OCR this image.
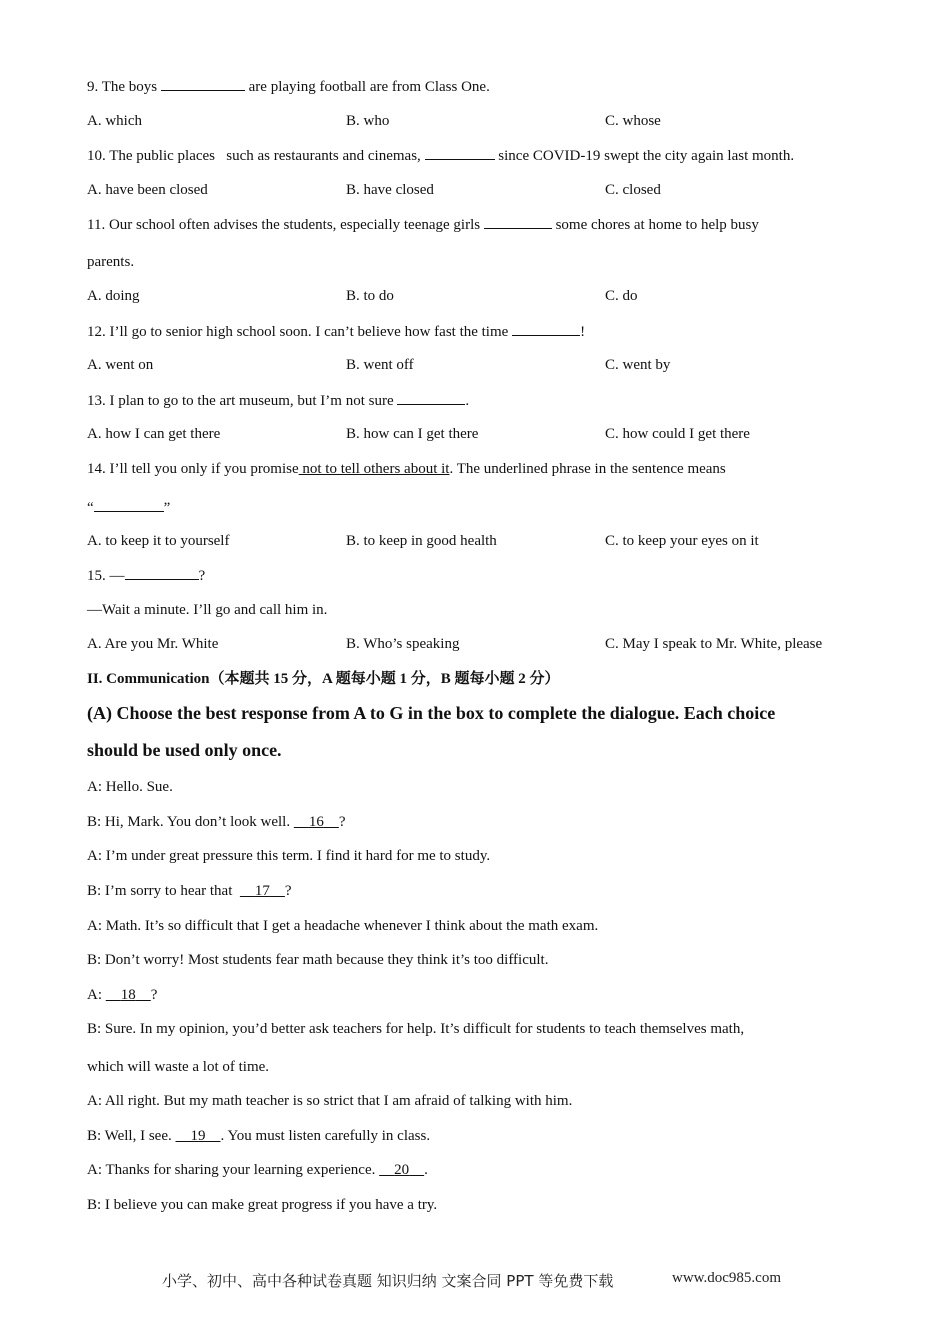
9. The boys	are playing football are from Class One.
A. which	B. who	C. whose
10. The public places   such as restaurants and cinemas,	since COVID-19 swept the city again last month.
A. have been closed	B. have closed	C. closed
11. Our school often advises the students, especially teenage girls	some chores at home to help busy
parents.
A. doing	B. to do	C. do
12. I’ll go to senior high school soon. I can’t believe how fast the time	!
A. went on	B. went off	C. went by
13. I plan to go to the art museum, but I’m not sure	.
A. how I can get there	B. how can I get there	C. how could I get there
14. I’ll tell you only if you promise not to tell others about it. The underlined phrase in the sentence means
“	”
A. to keep it to yourself	B. to keep in good health	C. to keep your eyes on it
15. —	?
—Wait a minute. I’ll go and call him in.
A. Are you Mr. White	B. Who’s speaking	C. May I speak to Mr. White, please
II. Communication（本题共 15 分，A 题每小题 1 分，B 题每小题 2 分）
(A) Choose the best response from A to G in the box to complete the dialogue. Each choice
should be used only once.
A: Hello. Sue.
B: Hi, Mark. You don’t look well.     16 ?
A: I’m under great pressure this term. I find it hard for me to study.
B: I’m sorry to hear that      17 ?
A: Math. It’s so difficult that I get a headache whenever I think about the math exam.
B: Don’t worry! Most students fear math because they think it’s too difficult.
A:     18 ?
B: Sure. In my opinion, you’d better ask teachers for help. It’s difficult for students to teach themselves math,
which will waste a lot of time.
A: All right. But my math teacher is so strict that I am afraid of talking with him.
B: Well, I see.     19 . You must listen carefully in class.
A: Thanks for sharing your learning experience.     20 .
B: I believe you can make great progress if you have a try.
小学、初中、高中各种试卷真题 知识归纳 文案合同 PPT 等免费下载	www.doc985.com
